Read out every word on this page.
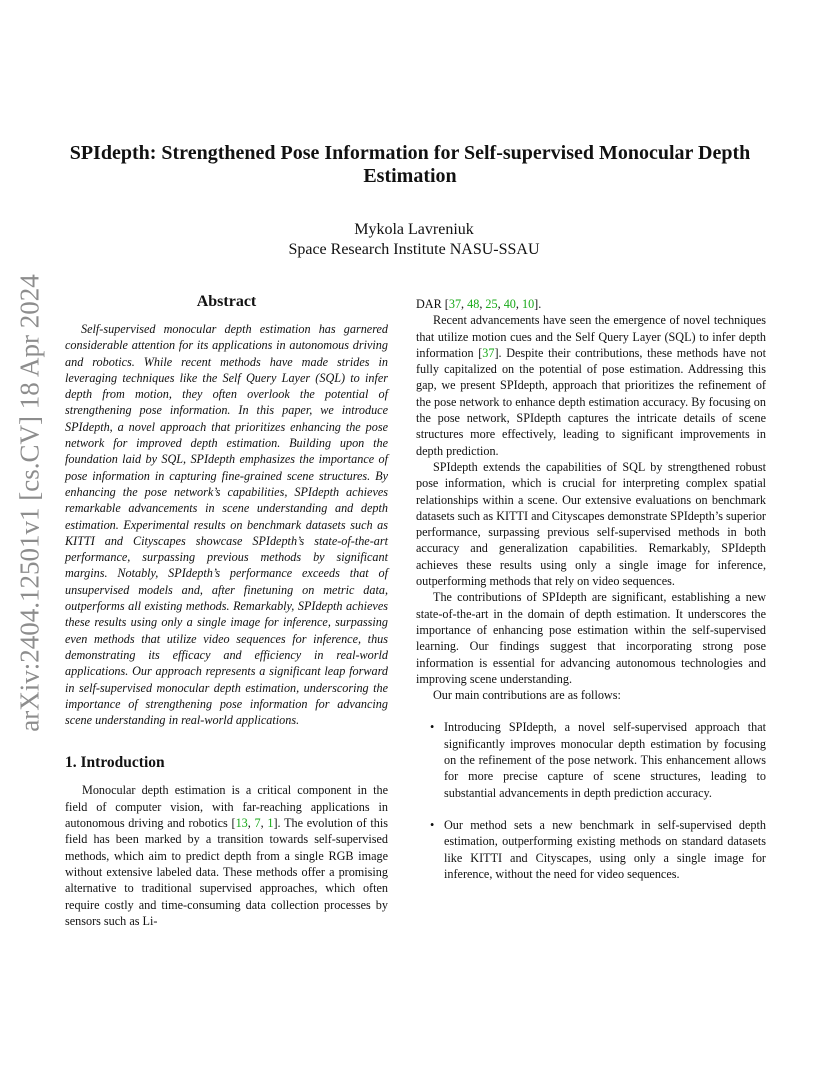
arXiv:2404.12501v1 [cs.CV] 18 Apr 2024
SPIdepth: Strengthened Pose Information for Self-supervised Monocular Depth Estimation
Mykola Lavreniuk
Space Research Institute NASU-SSAU
Abstract

Self-supervised monocular depth estimation has garnered considerable attention for its applications in autonomous driving and robotics. While recent methods have made strides in leveraging techniques like the Self Query Layer (SQL) to infer depth from motion, they often overlook the potential of strengthening pose information. In this paper, we introduce SPIdepth, a novel approach that prioritizes enhancing the pose network for improved depth estimation. Building upon the foundation laid by SQL, SPIdepth emphasizes the importance of pose information in capturing fine-grained scene structures. By enhancing the pose network’s capabilities, SPIdepth achieves remarkable advancements in scene understanding and depth estimation. Experimental results on benchmark datasets such as KITTI and Cityscapes showcase SPIdepth’s state-of-the-art performance, surpassing previous methods by significant margins. Notably, SPIdepth’s performance exceeds that of unsupervised models and, after finetuning on metric data, outperforms all existing methods. Remarkably, SPIdepth achieves these results using only a single image for inference, surpassing even methods that utilize video sequences for inference, thus demonstrating its efficacy and efficiency in real-world applications. Our approach represents a significant leap forward in self-supervised monocular depth estimation, underscoring the importance of strengthening pose information for advancing scene understanding in real-world applications.

1. Introduction

Monocular depth estimation is a critical component in the field of computer vision, with far-reaching applications in autonomous driving and robotics [13, 7, 1]. The evolution of this field has been marked by a transition towards self-supervised methods, which aim to predict depth from a single RGB image without extensive labeled data. These methods offer a promising alternative to traditional supervised approaches, which often require costly and time-consuming data collection processes by sensors such as Li-

DAR [37, 48, 25, 40, 10].

Recent advancements have seen the emergence of novel techniques that utilize motion cues and the Self Query Layer (SQL) to infer depth information [37]. Despite their contributions, these methods have not fully capitalized on the potential of pose estimation. Addressing this gap, we present SPIdepth, approach that prioritizes the refinement of the pose network to enhance depth estimation accuracy. By focusing on the pose network, SPIdepth captures the intricate details of scene structures more effectively, leading to significant improvements in depth prediction.

SPIdepth extends the capabilities of SQL by strengthened robust pose information, which is crucial for interpreting complex spatial relationships within a scene. Our extensive evaluations on benchmark datasets such as KITTI and Cityscapes demonstrate SPIdepth’s superior performance, surpassing previous self-supervised methods in both accuracy and generalization capabilities. Remarkably, SPIdepth achieves these results using only a single image for inference, outperforming methods that rely on video sequences.

The contributions of SPIdepth are significant, establishing a new state-of-the-art in the domain of depth estimation. It underscores the importance of enhancing pose estimation within the self-supervised learning. Our findings suggest that incorporating strong pose information is essential for advancing autonomous technologies and improving scene understanding.

Our main contributions are as follows:

• Introducing SPIdepth, a novel self-supervised approach that significantly improves monocular depth estimation by focusing on the refinement of the pose network. This enhancement allows for more precise capture of scene structures, leading to substantial advancements in depth prediction accuracy.
• Our method sets a new benchmark in self-supervised depth estimation, outperforming existing methods on standard datasets like KITTI and Cityscapes, using only a single image for inference, without the need for video sequences.
